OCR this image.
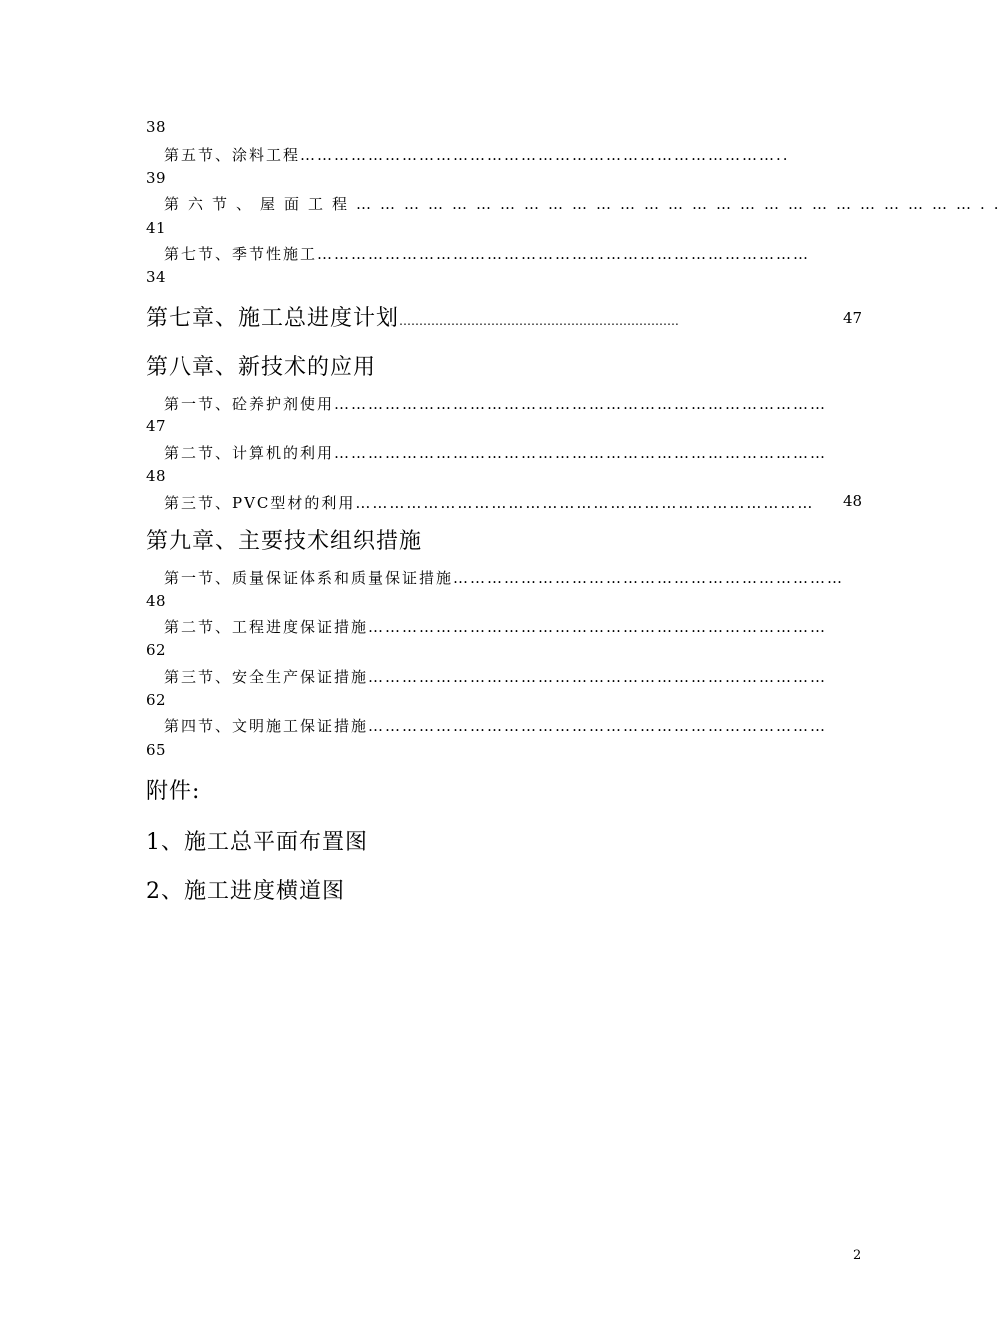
38
第五节、涂料工程…………………………………………………………………………..
39
第六节、屋面工程……………………………………………………………………..
41
第七节、季节性施工……………………………………………………………………………
34
第七章、施工总进度计划…………………………………………………………….	47
第八章、新技术的应用
第一节、砼养护剂使用……………………………………………………………………………
47
第二节、计算机的利用……………………………………………………………………………
48
第三节、PVC型材的利用………………………………………………………………………	48
第九章、主要技术组织措施
第一节、质量保证体系和质量保证措施……………………………………………………………
48
第二节、工程进度保证措施………………………………………………………………………
62
第三节、安全生产保证措施………………………………………………………………………
62
第四节、文明施工保证措施………………………………………………………………………
65
附件:
1、施工总平面布置图
2、施工进度横道图
2
